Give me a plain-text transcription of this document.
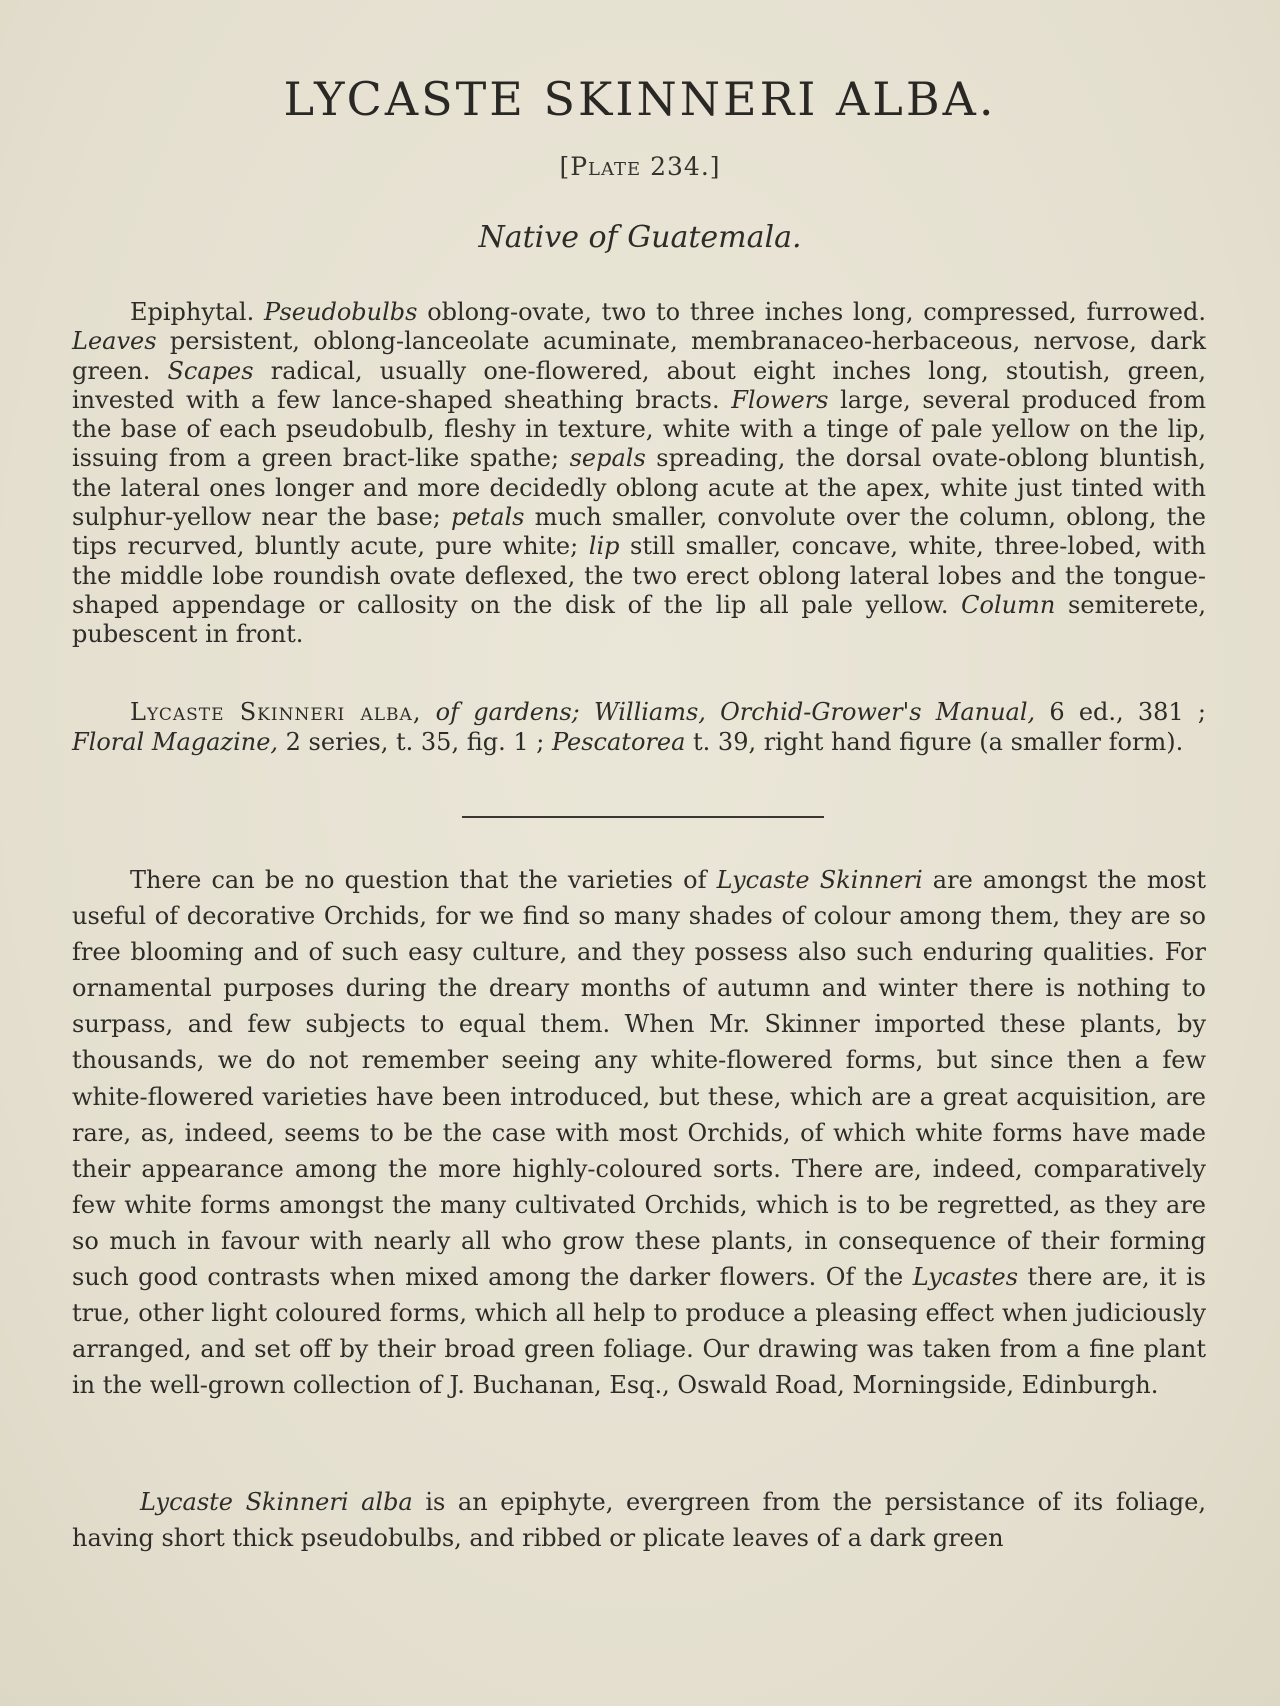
LYCASTE SKINNERI ALBA.
[Plate 234.]
Native of Guatemala.

Epiphytal. Pseudobulbs oblong-ovate, two to three inches long, compressed, furrowed. Leaves persistent, oblong-lanceolate acuminate, membranaceo-herbaceous, nervose, dark green. Scapes radical, usually one-flowered, about eight inches long, stoutish, green, invested with a few lance-shaped sheathing bracts. Flowers large, several produced from the base of each pseudobulb, fleshy in texture, white with a tinge of pale yellow on the lip, issuing from a green bract-like spathe; sepals spreading, the dorsal ovate-oblong bluntish, the lateral ones longer and more decidedly oblong acute at the apex, white just tinted with sulphur-yellow near the base; petals much smaller, convolute over the column, oblong, the tips recurved, bluntly acute, pure white; lip still smaller, concave, white, three-lobed, with the middle lobe roundish ovate deflexed, the two erect oblong lateral lobes and the tongue-shaped appendage or callosity on the disk of the lip all pale yellow. Column semiterete, pubescent in front.

Lycaste Skinneri alba, of gardens; Williams, Orchid-Grower's Manual, 6 ed., 381 ; Floral Magazine, 2 series, t. 35, fig. 1 ; Pescatorea t. 39, right hand figure (a smaller form).

There can be no question that the varieties of Lycaste Skinneri are amongst the most useful of decorative Orchids, for we find so many shades of colour among them, they are so free blooming and of such easy culture, and they possess also such enduring qualities. For ornamental purposes during the dreary months of autumn and winter there is nothing to surpass, and few subjects to equal them. When Mr. Skinner imported these plants, by thousands, we do not remember seeing any white-flowered forms, but since then a few white-flowered varieties have been introduced, but these, which are a great acquisition, are rare, as, indeed, seems to be the case with most Orchids, of which white forms have made their appearance among the more highly-coloured sorts. There are, indeed, comparatively few white forms amongst the many cultivated Orchids, which is to be regretted, as they are so much in favour with nearly all who grow these plants, in consequence of their forming such good contrasts when mixed among the darker flowers. Of the Lycastes there are, it is true, other light coloured forms, which all help to produce a pleasing effect when judiciously arranged, and set off by their broad green foliage. Our drawing was taken from a fine plant in the well-grown collection of J. Buchanan, Esq., Oswald Road, Morningside, Edinburgh.

Lycaste Skinneri alba is an epiphyte, evergreen from the persistance of its foliage, having short thick pseudobulbs, and ribbed or plicate leaves of a dark green
